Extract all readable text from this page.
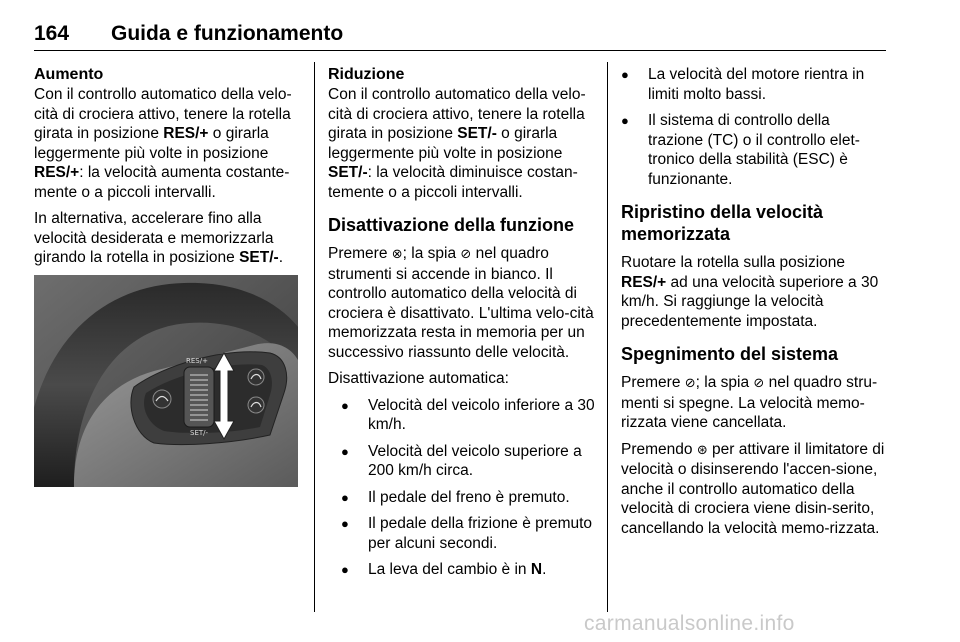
164 Guida e funzionamento
Aumento

Con il controllo automatico della velo-cità di crociera attivo, tenere la rotella girata in posizione RES/+ o girarla leggermente più volte in posizione RES/+: la velocità aumenta costante-mente o a piccoli intervalli.

In alternativa, accelerare fino alla velocità desiderata e memorizzarla girando la rotella in posizione SET/-.

RES/+
SET/-
Riduzione

Con il controllo automatico della velo-cità di crociera attivo, tenere la rotella girata in posizione SET/- o girarla leggermente più volte in posizione SET/-: la velocità diminuisce costan-temente o a piccoli intervalli.

Disattivazione della funzione

Premere ⊗; la spia ⊘ nel quadro strumenti si accende in bianco. Il controllo automatico della velocità di crociera è disattivato. L'ultima velo-cità memorizzata resta in memoria per un successivo riassunto delle velocità.

Disattivazione automatica:

● Velocità del veicolo inferiore a 30 km/h.
● Velocità del veicolo superiore a 200 km/h circa.
● Il pedale del freno è premuto.
● Il pedale della frizione è premuto per alcuni secondi.
● La leva del cambio è in N.
● La velocità del motore rientra in limiti molto bassi.
● Il sistema di controllo della trazione (TC) o il controllo elet-tronico della stabilità (ESC) è funzionante.
Ripristino della velocità memorizzata

Ruotare la rotella sulla posizione RES/+ ad una velocità superiore a 30 km/h. Si raggiunge la velocità precedentemente impostata.

Spegnimento del sistema

Premere ⊘; la spia ⊘ nel quadro stru-menti si spegne. La velocità memo-rizzata viene cancellata.

Premendo ⊛ per attivare il limitatore di velocità o disinserendo l'accen-sione, anche il controllo automatico della velocità di crociera viene disin-serito, cancellando la velocità memo-rizzata.

carmanualsonline.info
